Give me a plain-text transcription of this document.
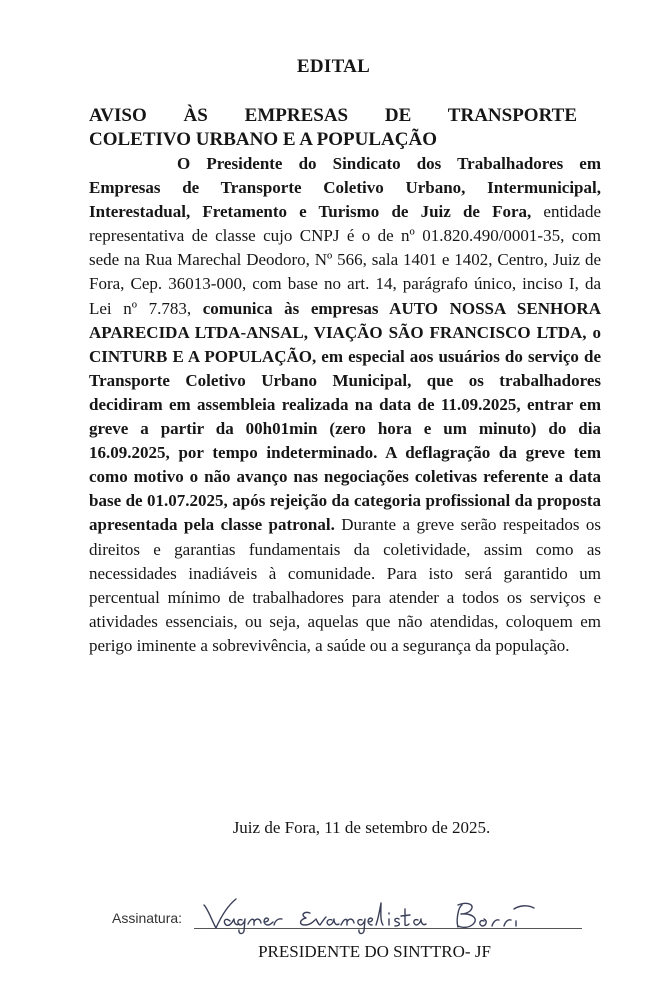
EDITAL
AVISO ÀS EMPRESAS DE TRANSPORTE
COLETIVO URBANO E A POPULAÇÃO

O Presidente do Sindicato dos Trabalhadores em Empresas de Transporte Coletivo Urbano, Intermunicipal, Interestadual, Fretamento e Turismo de Juiz de Fora, entidade representativa de classe cujo CNPJ é o de nº 01.820.490/0001-35, com sede na Rua Marechal Deodoro, Nº 566, sala 1401 e 1402, Centro, Juiz de Fora, Cep. 36013-000, com base no art. 14, parágrafo único, inciso I, da Lei nº 7.783, comunica às empresas AUTO NOSSA SENHORA APARECIDA LTDA-ANSAL, VIAÇÃO SÃO FRANCISCO LTDA, o CINTURB E A POPULAÇÃO, em especial aos usuários do serviço de Transporte Coletivo Urbano Municipal, que os trabalhadores decidiram em assembleia realizada na data de 11.09.2025, entrar em greve a partir da 00h01min (zero hora e um minuto) do dia 16.09.2025, por tempo indeterminado. A deflagração da greve tem como motivo o não avanço nas negociações coletivas referente a data base de 01.07.2025, após rejeição da categoria profissional da proposta apresentada pela classe patronal. Durante a greve serão respeitados os direitos e garantias fundamentais da coletividade, assim como as necessidades inadiáveis à comunidade. Para isto será garantido um percentual mínimo de trabalhadores para atender a todos os serviços e atividades essenciais, ou seja, aquelas que não atendidas, coloquem em perigo iminente a sobrevivência, a saúde ou a segurança da população.

Juiz de Fora, 11 de setembro de 2025.
Assinatura:
PRESIDENTE DO SINTTRO- JF
